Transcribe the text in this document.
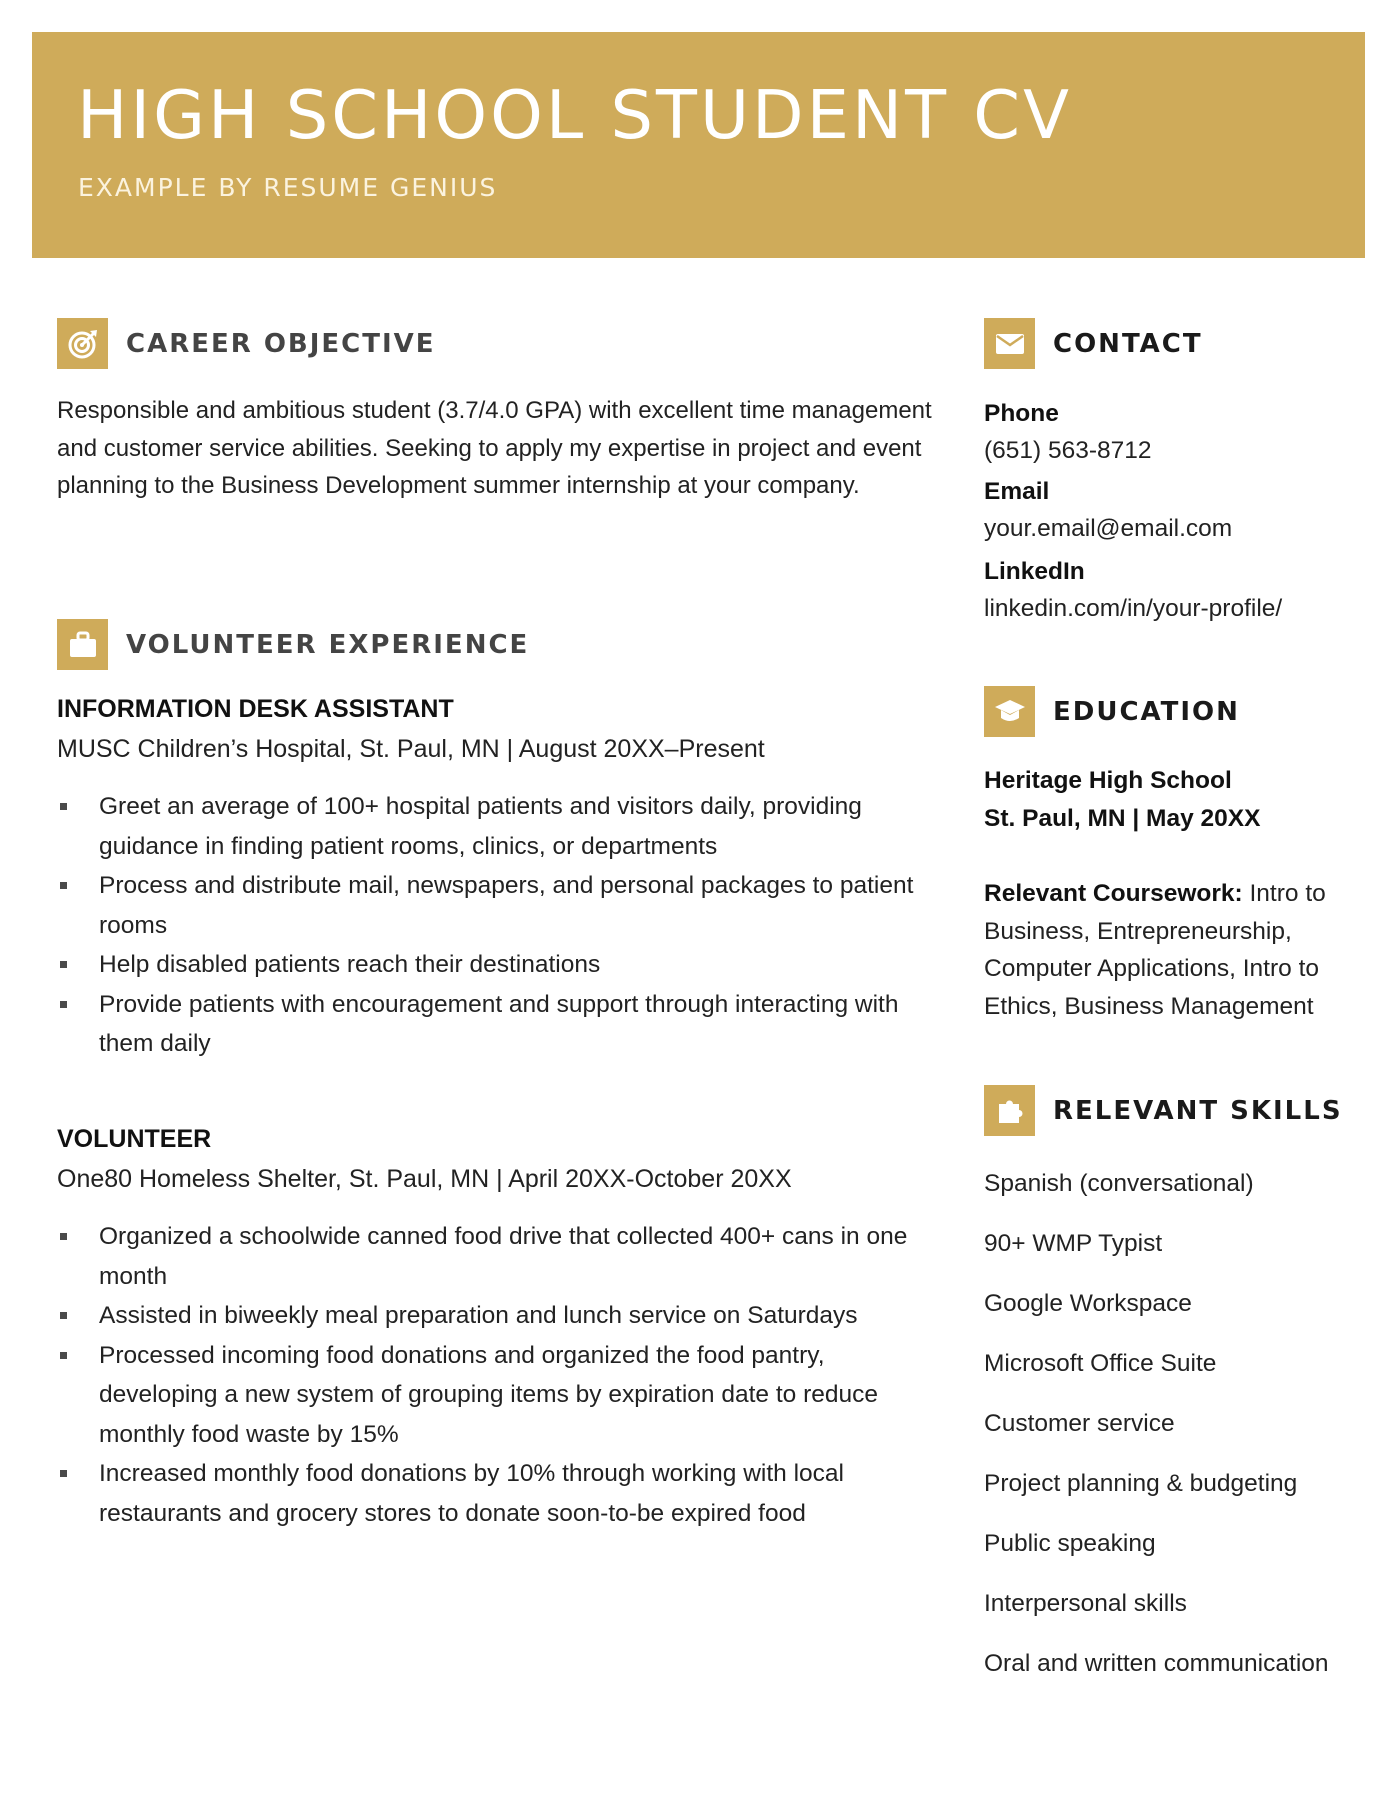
HIGH SCHOOL STUDENT CV
EXAMPLE BY RESUME GENIUS
CAREER OBJECTIVE

Responsible and ambitious student (3.7/4.0 GPA) with excellent time management and customer service abilities. Seeking to apply my expertise in project and event planning to the Business Development summer internship at your company.

VOLUNTEER EXPERIENCE
INFORMATION DESK ASSISTANT
MUSC Children’s Hospital, St. Paul, MN | August 20XX–Present
Greet an average of 100+ hospital patients and visitors daily, providing guidance in finding patient rooms, clinics, or departments
Process and distribute mail, newspapers, and personal packages to patient rooms
Help disabled patients reach their destinations
Provide patients with encouragement and support through interacting with them daily
VOLUNTEER
One80 Homeless Shelter, St. Paul, MN | April 20XX-October 20XX
Organized a schoolwide canned food drive that collected 400+ cans in one month
Assisted in biweekly meal preparation and lunch service on Saturdays
Processed incoming food donations and organized the food pantry, developing a new system of grouping items by expiration date to reduce monthly food waste by 15%
Increased monthly food donations by 10% through working with local restaurants and grocery stores to donate soon-to-be expired food
CONTACT
Phone
(651) 563-8712
Email
your.email@email.com
LinkedIn
linkedin.com/in/your-profile/
EDUCATION
Heritage High School
St. Paul, MN | May 20XX

Relevant Coursework: Intro to Business, Entrepreneurship, Computer Applications, Intro to Ethics, Business Management

RELEVANT SKILLS
Spanish (conversational)
90+ WMP Typist
Google Workspace
Microsoft Office Suite
Customer service
Project planning & budgeting
Public speaking
Interpersonal skills
Oral and written communication
